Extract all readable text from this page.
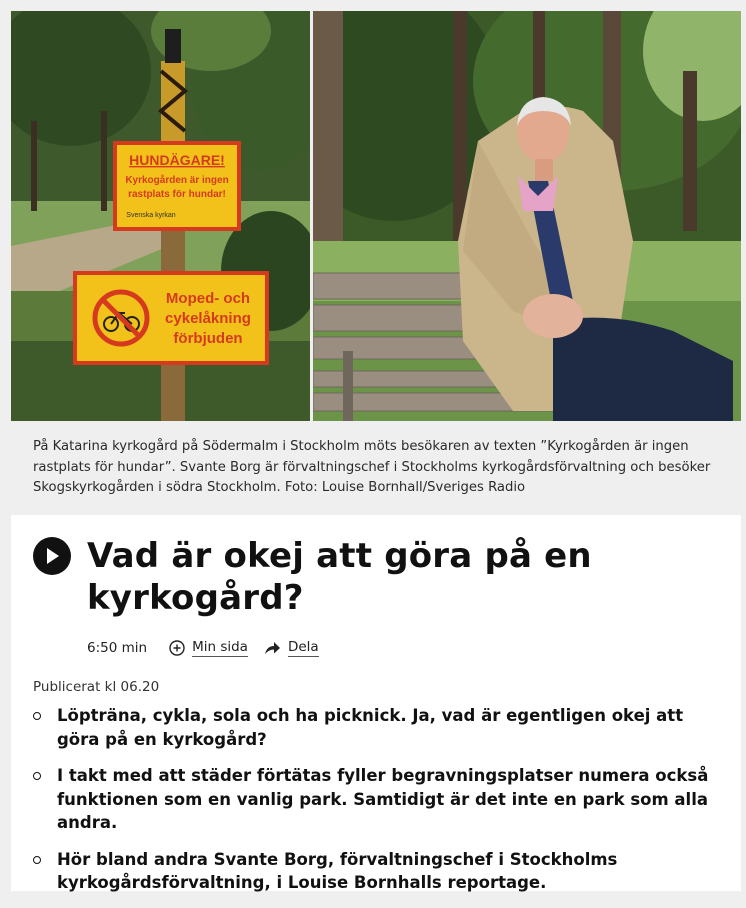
HUNDÄGARE!
Kyrkogården är ingen
rastplats för hundar!
Svenska kyrkan
Moped- och
cykelåkning
förbjuden
På Katarina kyrkogård på Södermalm i Stockholm möts besökaren av texten ”Kyrkogården är ingen rastplats för hundar”. Svante Borg är förvaltningschef i Stockholms kyrkogårdsförvaltning och besöker Skogskyrkogården i södra Stockholm. Foto: Louise Bornhall/Sveriges Radio
Vad är okej att göra på en
kyrkogård?
6:50 min	Min sida	Dela
Publicerat kl 06.20
Löpträna, cykla, sola och ha picknick. Ja, vad är egentligen okej att göra på en kyrkogård?
I takt med att städer förtätas fyller begravningsplatser numera också funktionen som en vanlig park. Samtidigt är det inte en park som alla andra.
Hör bland andra Svante Borg, förvaltningschef i Stockholms kyrkogårdsförvaltning, i Louise Bornhalls reportage.
